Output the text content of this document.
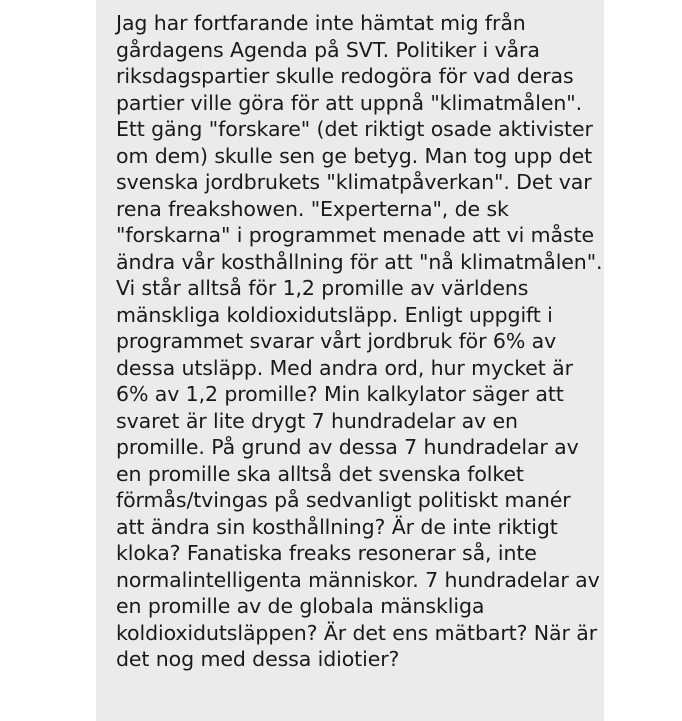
Jag har fortfarande inte hämtat mig från
gårdagens Agenda på SVT. Politiker i våra
riksdagspartier skulle redogöra för vad deras
partier ville göra för att uppnå "klimatmålen".
Ett gäng "forskare" (det riktigt osade aktivister
om dem) skulle sen ge betyg. Man tog upp det
svenska jordbrukets "klimatpåverkan". Det var
rena freakshowen. "Experterna", de sk
"forskarna" i programmet menade att vi måste
ändra vår kosthållning för att "nå klimatmålen".
Vi står alltså för 1,2 promille av världens
mänskliga koldioxidutsläpp. Enligt uppgift i
programmet svarar vårt jordbruk för 6% av
dessa utsläpp. Med andra ord, hur mycket är
6% av 1,2 promille? Min kalkylator säger att
svaret är lite drygt 7 hundradelar av en
promille. På grund av dessa 7 hundradelar av
en promille ska alltså det svenska folket
förmås/tvingas på sedvanligt politiskt manér
att ändra sin kosthållning? Är de inte riktigt
kloka? Fanatiska freaks resonerar så, inte
normalintelligenta människor. 7 hundradelar av
en promille av de globala mänskliga
koldioxidutsläppen? Är det ens mätbart? När är
det nog med dessa idiotier?
